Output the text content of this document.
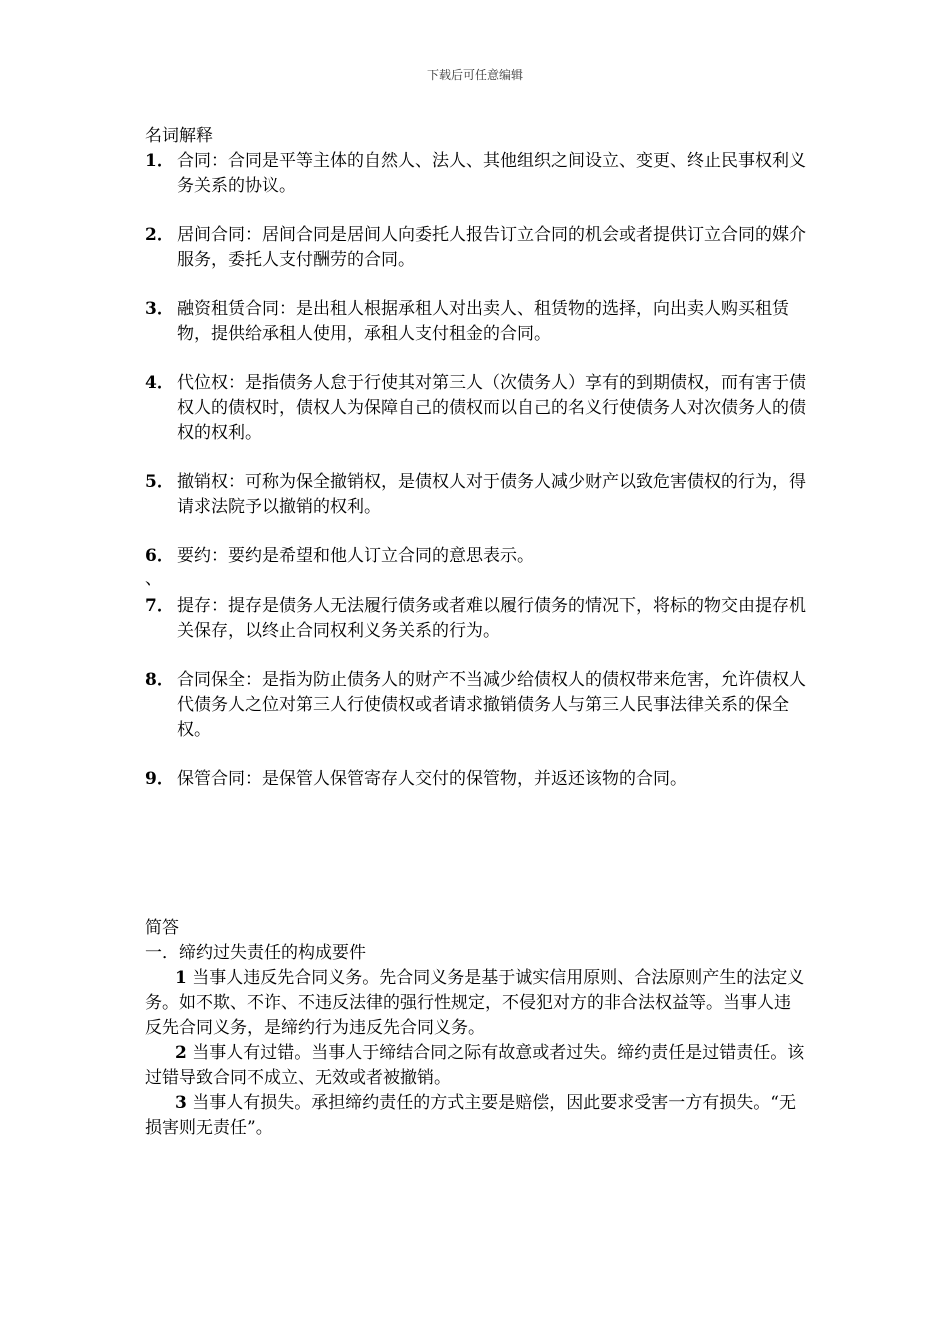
下载后可任意编辑
名词解释
1． 合同：合同是平等主体的自然人、法人、其他组织之间设立、变更、终止民事权利义务关系的协议。
2． 居间合同：居间合同是居间人向委托人报告订立合同的机会或者提供订立合同的媒介服务，委托人支付酬劳的合同。
3． 融资租赁合同：是出租人根据承租人对出卖人、租赁物的选择，向出卖人购买租赁物，提供给承租人使用，承租人支付租金的合同。
4． 代位权：是指债务人怠于行使其对第三人（次债务人）享有的到期债权，而有害于债权人的债权时，债权人为保障自己的债权而以自己的名义行使债务人对次债务人的债权的权利。
5． 撤销权：可称为保全撤销权，是债权人对于债务人减少财产以致危害债权的行为，得请求法院予以撤销的权利。
6． 要约：要约是希望和他人订立合同的意思表示。
、
7． 提存：提存是债务人无法履行债务或者难以履行债务的情况下，将标的物交由提存机关保存，以终止合同权利义务关系的行为。
8． 合同保全：是指为防止债务人的财产不当减少给债权人的债权带来危害，允许债权人代债务人之位对第三人行使债权或者请求撤销债务人与第三人民事法律关系的保全权。
9． 保管合同：是保管人保管寄存人交付的保管物，并返还该物的合同。
简答
一．缔约过失责任的构成要件
1 当事人违反先合同义务。先合同义务是基于诚实信用原则、合法原则产生的法定义务。如不欺、不诈、不违反法律的强行性规定，不侵犯对方的非合法权益等。当事人违反先合同义务，是缔约行为违反先合同义务。
2 当事人有过错。当事人于缔结合同之际有故意或者过失。缔约责任是过错责任。该过错导致合同不成立、无效或者被撤销。
3 当事人有损失。承担缔约责任的方式主要是赔偿，因此要求受害一方有损失。“无损害则无责任”。
